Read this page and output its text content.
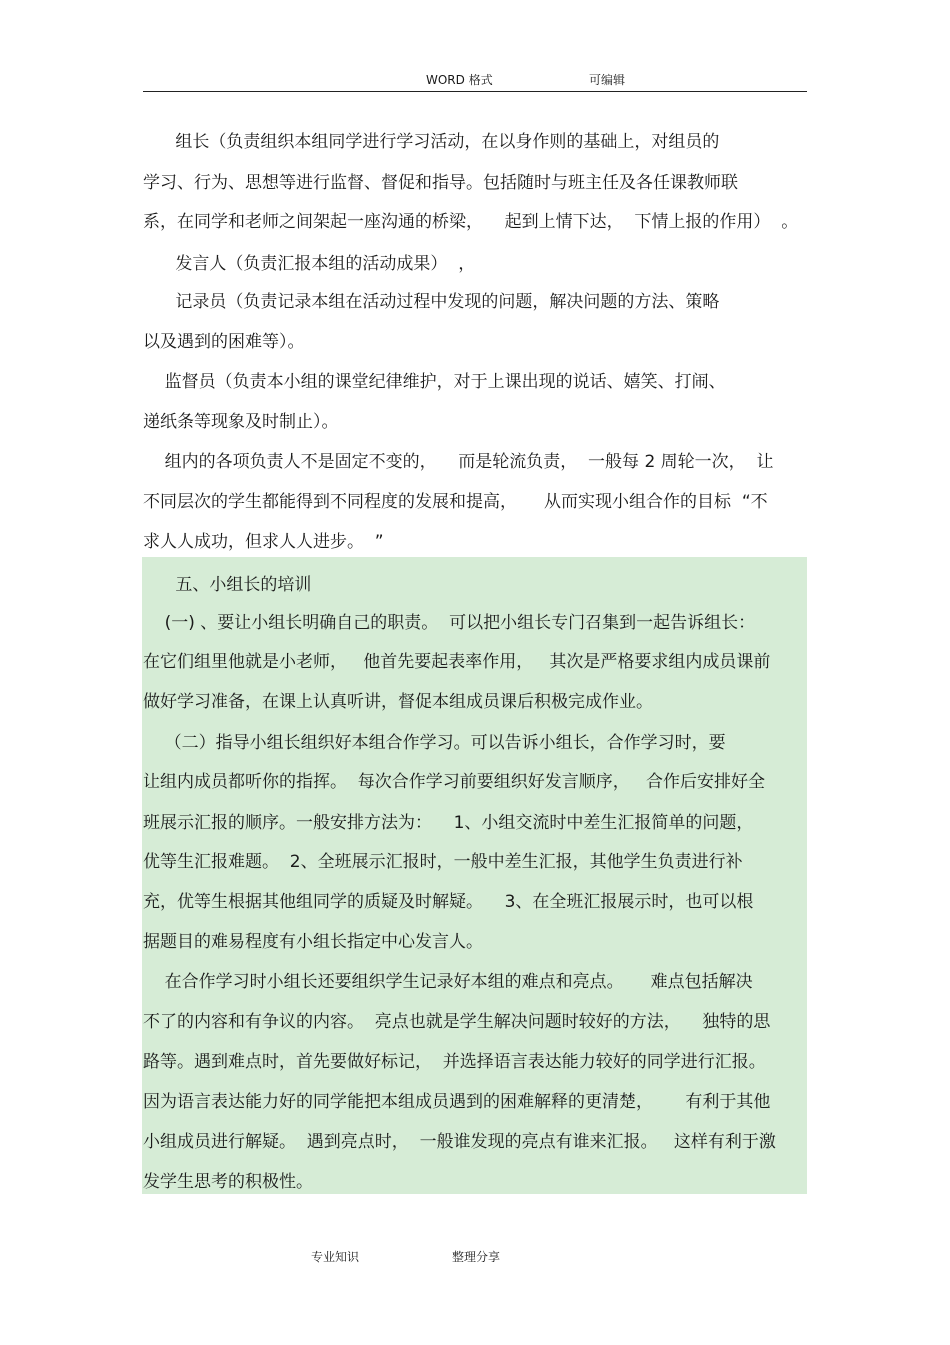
WORD 格式	可编辑
组长（负责组织本组同学进行学习活动，在以身作则的基础上，对组员的
学习、行为、思想等进行监督、督促和指导。包括随时与班主任及各任课教师联
系，在同学和老师之间架起一座沟通的桥梁，    起到上情下达，  下情上报的作用）  。
发言人（负责汇报本组的活动成果）  ，
记录员（负责记录本组在活动过程中发现的问题，解决问题的方法、策略
以及遇到的困难等）。
监督员（负责本小组的课堂纪律维护，对于上课出现的说话、嬉笑、打闹、
递纸条等现象及时制止）。
组内的各项负责人不是固定不变的，    而是轮流负责，  一般每 2 周轮一次，  让
不同层次的学生都能得到不同程度的发展和提高，     从而实现小组合作的目标  “不
求人人成功，但求人人进步。  ”
五、小组长的培训
(一) 、要让小组长明确自己的职责。  可以把小组长专门召集到一起告诉组长：
在它们组里他就是小老师，   他首先要起表率作用，   其次是严格要求组内成员课前
做好学习准备，在课上认真听讲，督促本组成员课后积极完成作业。
（二）指导小组长组织好本组合作学习。可以告诉小组长，合作学习时，要
让组内成员都听你的指挥。  每次合作学习前要组织好发言顺序，   合作后安排好全
班展示汇报的顺序。一般安排方法为：    1、小组交流时中差生汇报简单的问题，
优等生汇报难题。  2、全班展示汇报时，一般中差生汇报，其他学生负责进行补
充，优等生根据其他组同学的质疑及时解疑。    3、在全班汇报展示时，也可以根
据题目的难易程度有小组长指定中心发言人。
在合作学习时小组长还要组织学生记录好本组的难点和亮点。     难点包括解决
不了的内容和有争议的内容。  亮点也就是学生解决问题时较好的方法，    独特的思
路等。遇到难点时，首先要做好标记，  并选择语言表达能力较好的同学进行汇报。
因为语言表达能力好的同学能把本组成员遇到的困难解释的更清楚，      有利于其他
小组成员进行解疑。  遇到亮点时，  一般谁发现的亮点有谁来汇报。   这样有利于激
发学生思考的积极性。
专业知识	整理分享
